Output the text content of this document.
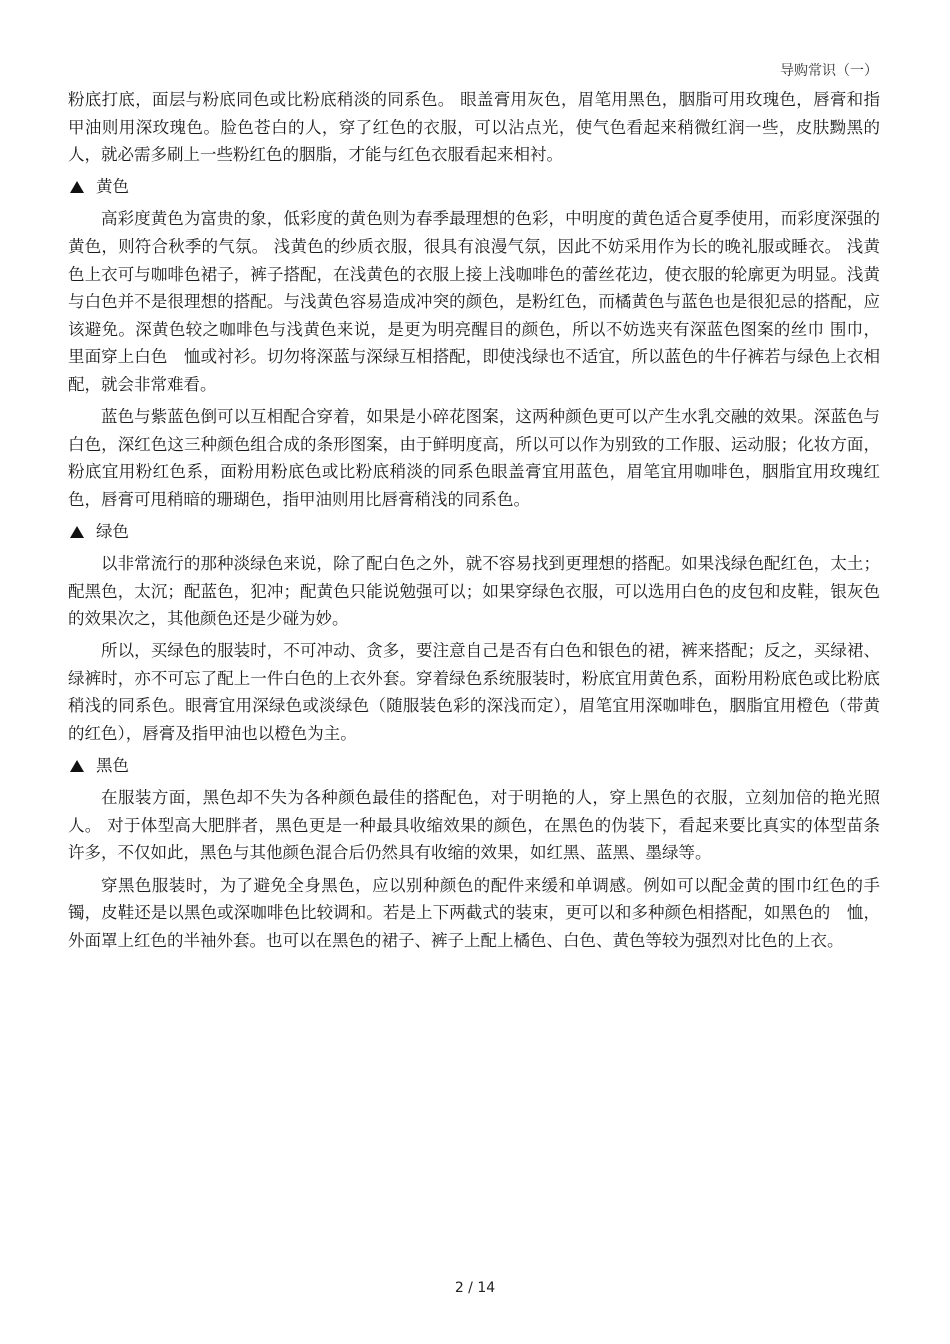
导购常识（一）

粉底打底，面层与粉底同色或比粉底稍淡的同系色。 眼盖膏用灰色，眉笔用黑色，胭脂可用玫瑰色，唇膏和指甲油则用深玫瑰色。脸色苍白的人，穿了红色的衣服，可以沾点光，使气色看起来稍微红润一些，皮肤黝黑的人，就必需多刷上一些粉红色的胭脂，才能与红色衣服看起来相衬。

黄色

高彩度黄色为富贵的象，低彩度的黄色则为春季最理想的色彩，中明度的黄色适合夏季使用，而彩度深强的黄色，则符合秋季的气氛。 浅黄色的纱质衣服，很具有浪漫气氛，因此不妨采用作为长的晚礼服或睡衣。 浅黄色上衣可与咖啡色裙子，裤子搭配，在浅黄色的衣服上接上浅咖啡色的蕾丝花边，使衣服的轮廓更为明显。浅黄与白色并不是很理想的搭配。与浅黄色容易造成冲突的颜色，是粉红色，而橘黄色与蓝色也是很犯忌的搭配，应该避免。深黄色较之咖啡色与浅黄色来说，是更为明亮醒目的颜色，所以不妨选夹有深蓝色图案的丝巾 围巾，里面穿上白色　恤或衬衫。切勿将深蓝与深绿互相搭配，即使浅绿也不适宜，所以蓝色的牛仔裤若与绿色上衣相配，就会非常难看。

蓝色与紫蓝色倒可以互相配合穿着，如果是小碎花图案，这两种颜色更可以产生水乳交融的效果。深蓝色与白色，深红色这三种颜色组合成的条形图案，由于鲜明度高，所以可以作为别致的工作服、运动服；化妆方面，粉底宜用粉红色系，面粉用粉底色或比粉底稍淡的同系色眼盖膏宜用蓝色，眉笔宜用咖啡色，胭脂宜用玫瑰红色，唇膏可甩稍暗的珊瑚色，指甲油则用比唇膏稍浅的同系色。

绿色

以非常流行的那种淡绿色来说，除了配白色之外，就不容易找到更理想的搭配。如果浅绿色配红色，太土；配黑色，太沉；配蓝色，犯冲；配黄色只能说勉强可以；如果穿绿色衣服，可以选用白色的皮包和皮鞋，银灰色的效果次之，其他颜色还是少碰为妙。

所以，买绿色的服装时，不可冲动、贪多，要注意自己是否有白色和银色的裙，裤来搭配；反之，买绿裙、绿裤时，亦不可忘了配上一件白色的上衣外套。穿着绿色系统服装时，粉底宜用黄色系，面粉用粉底色或比粉底稍浅的同系色。眼膏宜用深绿色或淡绿色（随服装色彩的深浅而定），眉笔宜用深咖啡色，胭脂宜用橙色（带黄的红色），唇膏及指甲油也以橙色为主。

黑色

在服装方面，黑色却不失为各种颜色最佳的搭配色，对于明艳的人，穿上黑色的衣服，立刻加倍的艳光照人。 对于体型高大肥胖者，黑色更是一种最具收缩效果的颜色，在黑色的伪装下，看起来要比真实的体型苗条许多，不仅如此，黑色与其他颜色混合后仍然具有收缩的效果，如红黑、蓝黑、墨绿等。

穿黑色服装时，为了避免全身黑色，应以别种颜色的配件来缓和单调感。例如可以配金黄的围巾红色的手镯，皮鞋还是以黑色或深咖啡色比较调和。若是上下两截式的装束，更可以和多种颜色相搭配，如黑色的　恤，外面罩上红色的半袖外套。也可以在黑色的裙子、裤子上配上橘色、白色、黄色等较为强烈对比色的上衣。

2 / 14
